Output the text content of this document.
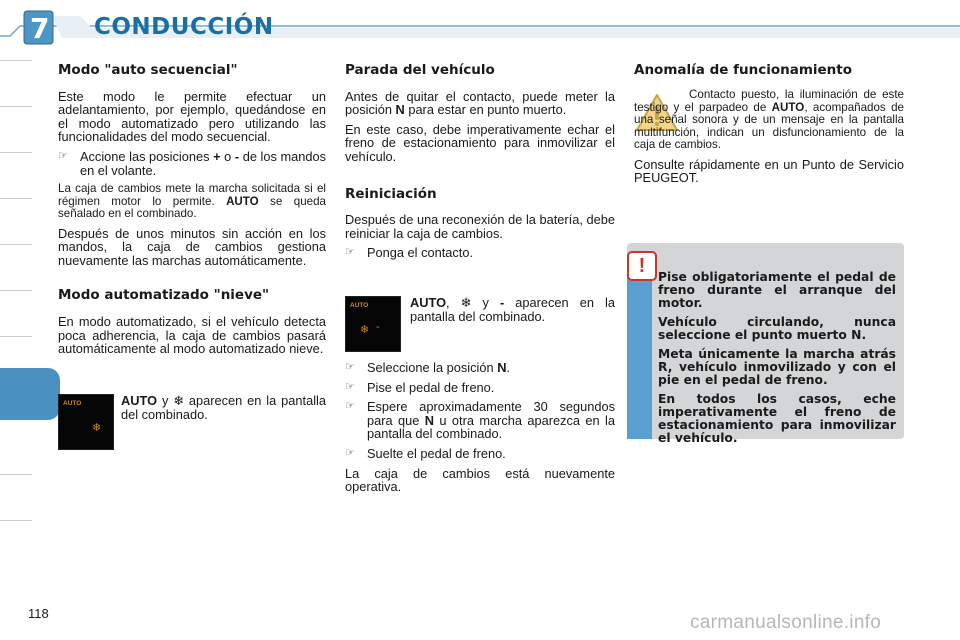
7 CONDUCCIÓN
Modo "auto secuencial"

Este modo le permite efectuar un adelantamiento, por ejemplo, quedándose en el modo automatizado pero utilizando las funcionalidades del modo secuencial.

☞ Accione las posiciones + o - de los mandos en el volante.

La caja de cambios mete la marcha solicitada si el régimen motor lo permite. AUTO se queda señalado en el combinado.

Después de unos minutos sin acción en los mandos, la caja de cambios gestiona nuevamente las marchas automáticamente.

Modo automatizado "nieve"

En modo automatizado, si el vehículo detecta poca adherencia, la caja de cambios pasará automáticamente al modo automatizado nieve.

AUTO
❄

AUTO y ❄ aparecen en la pantalla del combinado.

Parada del vehículo

Antes de quitar el contacto, puede meter la posición N para estar en punto muerto.

En este caso, debe imperativamente echar el freno de estacionamiento para inmovilizar el vehículo.

Reiniciación

Después de una reconexión de la batería, debe reiniciar la caja de cambios.

☞ Ponga el contacto.

AUTO
❄ -

AUTO, ❄ y - aparecen en la pantalla del combinado.

☞ Seleccione la posición N.

☞ Pise el pedal de freno.

☞ Espere aproximadamente 30 segundos para que N u otra marcha aparezca en la pantalla del combinado.

☞ Suelte el pedal de freno.

La caja de cambios está nuevamente operativa.

Anomalía de funcionamiento

Contacto puesto, la iluminación de este testigo y el parpadeo de AUTO, acompañados de una señal sonora y de un mensaje en la pantalla multifunción, indican un disfuncionamiento de la caja de cambios.

Consulte rápidamente en un Punto de Servicio PEUGEOT.

!	Pise obligatoriamente el pedal de freno durante el arranque del motor.

Vehículo circulando, nunca seleccione el punto muerto N.

Meta únicamente la marcha atrás R, vehículo inmovilizado y con el pie en el pedal de freno.

En todos los casos, eche imperativamente el freno de estacionamiento para inmovilizar el vehículo.

118	carmanualsonline.info
